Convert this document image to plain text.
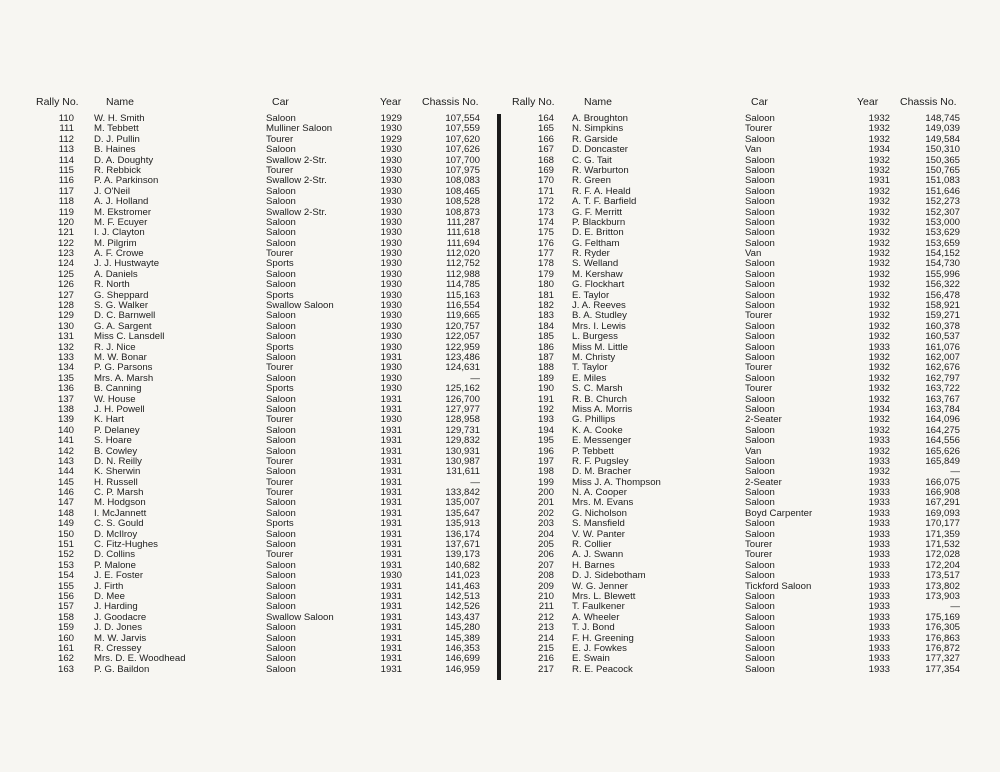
Rally No.	Name	Car	Year Chassis No.
110 W. H. Smith	Saloon	1929	107,554
111 M. Tebbett	Mulliner Saloon	1930	107,559
112 D. J. Pullin	Tourer	1929	107,620
113 B. Haines	Saloon	1930	107,626
114 D. A. Doughty	Swallow 2-Str.	1930	107,700
115 R. Rebbick	Tourer	1930	107,975
116 P. A. Parkinson	Swallow 2-Str.	1930	108,083
117 J. O'Neil	Saloon	1930	108,465
118 A. J. Holland	Saloon	1930	108,528
119 M. Ekstromer	Swallow 2-Str.	1930	108,873
120 M. F. Ecuyer	Saloon	1930	111,287
121 I. J. Clayton	Saloon	1930	111,618
122 M. Pilgrim	Saloon	1930	111,694
123 A. F. Crowe	Tourer	1930	112,020
124 J. J. Hustwayte	Sports	1930	112,752
125 A. Daniels	Saloon	1930	112,988
126 R. North	Saloon	1930	114,785
127 G. Sheppard	Sports	1930	115,163
128 S. G. Walker	Swallow Saloon	1930	116,554
129 D. C. Barnwell	Saloon	1930	119,665
130 G. A. Sargent	Saloon	1930	120,757
131 Miss C. Lansdell	Saloon	1930	122,057
132 R. J. Nice	Sports	1930	122,959
133 M. W. Bonar	Saloon	1931	123,486
134 P. G. Parsons	Tourer	1930	124,631
135 Mrs. A. Marsh	Saloon	1930	—
136 B. Canning	Sports	1930	125,162
137 W. House	Saloon	1931	126,700
138 J. H. Powell	Saloon	1931	127,977
139 K. Hart	Tourer	1930	128,958
140 P. Delaney	Saloon	1931	129,731
141 S. Hoare	Saloon	1931	129,832
142 B. Cowley	Saloon	1931	130,931
143 D. N. Reilly	Tourer	1931	130,987
144 K. Sherwin	Saloon	1931	131,611
145 H. Russell	Tourer	1931	—
146 C. P. Marsh	Tourer	1931	133,842
147 M. Hodgson	Saloon	1931	135,007
148 I. McJannett	Saloon	1931	135,647
149 C. S. Gould	Sports	1931	135,913
150 D. McIlroy	Saloon	1931	136,174
151 C. Fitz-Hughes	Saloon	1931	137,671
152 D. Collins	Tourer	1931	139,173
153 P. Malone	Saloon	1931	140,682
154 J. E. Foster	Saloon	1930	141,023
155 J. Firth	Saloon	1931	141,463
156 D. Mee	Saloon	1931	142,513
157 J. Harding	Saloon	1931	142,526
158 J. Goodacre	Swallow Saloon	1931	143,437
159 J. D. Jones	Saloon	1931	145,280
160 M. W. Jarvis	Saloon	1931	145,389
161 R. Cressey	Saloon	1931	146,353
162 Mrs. D. E. Woodhead	Saloon	1931	146,699
163 P. G. Baildon	Saloon	1931	146,959
Rally No.	Name	Car	Year Chassis No.
164 A. Broughton	Saloon	1932	148,745
165 N. Simpkins	Tourer	1932	149,039
166 R. Garside	Saloon	1932	149,584
167 D. Doncaster	Van	1934	150,310
168 C. G. Tait	Saloon	1932	150,365
169 R. Warburton	Saloon	1932	150,765
170 R. Green	Saloon	1931	151,083
171 R. F. A. Heald	Saloon	1932	151,646
172 A. T. F. Barfield	Saloon	1932	152,273
173 G. F. Merritt	Saloon	1932	152,307
174 P. Blackburn	Saloon	1932	153,000
175 D. E. Britton	Saloon	1932	153,629
176 G. Feltham	Saloon	1932	153,659
177 R. Ryder	Van	1932	154,152
178 S. Welland	Saloon	1932	154,730
179 M. Kershaw	Saloon	1932	155,996
180 G. Flockhart	Saloon	1932	156,322
181 E. Taylor	Saloon	1932	156,478
182 J. A. Reeves	Saloon	1932	158,921
183 B. A. Studley	Tourer	1932	159,271
184 Mrs. I. Lewis	Saloon	1932	160,378
185 L. Burgess	Saloon	1932	160,537
186 Miss M. Little	Saloon	1933	161,076
187 M. Christy	Saloon	1932	162,007
188 T. Taylor	Tourer	1932	162,676
189 E. Miles	Saloon	1932	162,797
190 S. C. Marsh	Tourer	1932	163,722
191 R. B. Church	Saloon	1932	163,767
192 Miss A. Morris	Saloon	1934	163,784
193 G. Phillips	2-Seater	1932	164,096
194 K. A. Cooke	Saloon	1932	164,275
195 E. Messenger	Saloon	1933	164,556
196 P. Tebbett	Van	1932	165,626
197 R. F. Pugsley	Saloon	1933	165,849
198 D. M. Bracher	Saloon	1932	—
199 Miss J. A. Thompson	2-Seater	1933	166,075
200 N. A. Cooper	Saloon	1933	166,908
201 Mrs. M. Evans	Saloon	1933	167,291
202 G. Nicholson	Boyd Carpenter	1933	169,093
203 S. Mansfield	Saloon	1933	170,177
204 V. W. Panter	Saloon	1933	171,359
205 R. Collier	Tourer	1933	171,532
206 A. J. Swann	Tourer	1933	172,028
207 H. Barnes	Saloon	1933	172,204
208 D. J. Sidebotham	Saloon	1933	173,517
209 W. G. Jenner	Tickford Saloon	1933	173,802
210 Mrs. L. Blewett	Saloon	1933	173,903
211 T. Faulkener	Saloon	1933	—
212 A. Wheeler	Saloon	1933	175,169
213 T. J. Bond	Saloon	1933	176,305
214 F. H. Greening	Saloon	1933	176,863
215 E. J. Fowkes	Saloon	1933	176,872
216 E. Swain	Saloon	1933	177,327
217 R. E. Peacock	Saloon	1933	177,354
